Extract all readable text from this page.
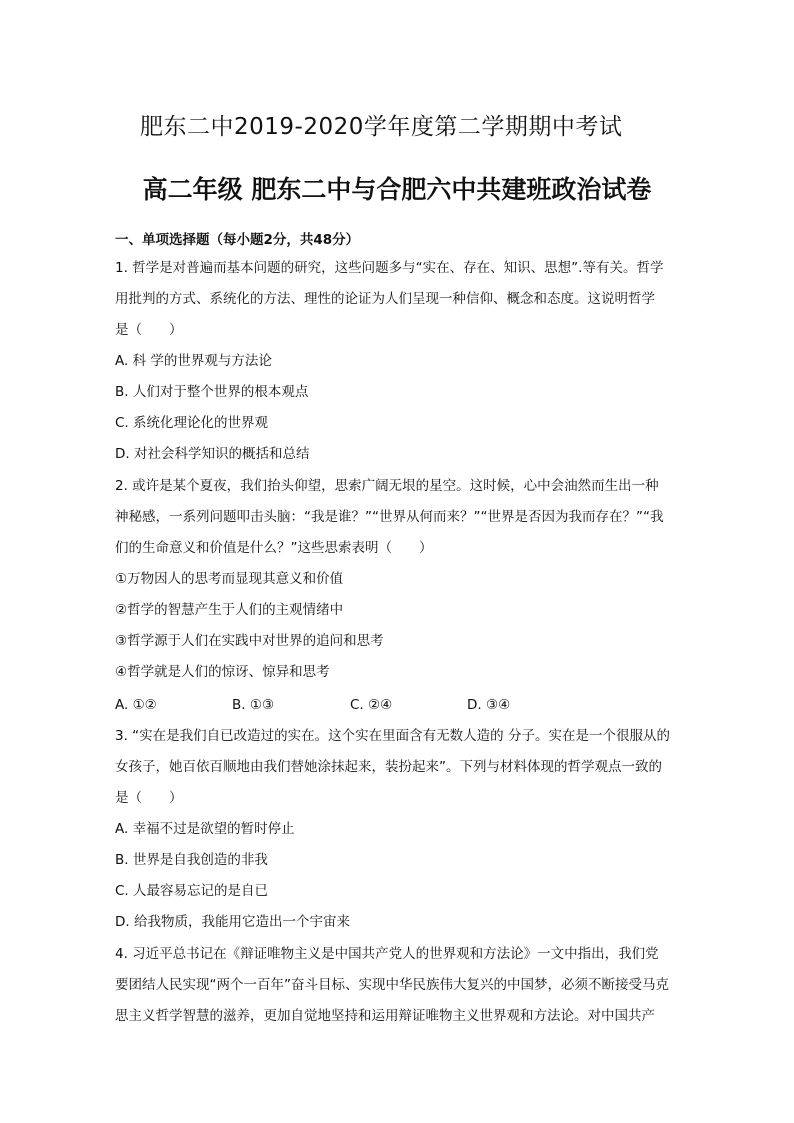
肥东二中2019-2020学年度第二学期期中考试
高二年级 肥东二中与合肥六中共建班政治试卷
一、单项选择题（每小题2分，共48分）
1. 哲学是对普遍而基本问题的研究，这些问题多与“实在、存在、知识、思想”.等有关。哲学
用批判的方式、系统化的方法、理性的论证为人们呈现一种信仰、概念和态度。这说明哲学
是（　　）
A. 科 学的世界观与方法论
B. 人们对于整个世界的根本观点
C. 系统化理论化的世界观
D. 对社会科学知识的概括和总结
2. 或许是某个夏夜，我们抬头仰望，思索广阔无垠的星空。这时候，心中会油然而生出一种
神秘感，一系列问题叩击头脑：“我是谁？”“世界从何而来？”“世界是否因为我而存在？”“我
们的生命意义和价值是什么？”这些思索表明（　　）
①万物因人的思考而显现其意义和价值
②哲学的智慧产生于人们的主观情绪中
③哲学源于人们在实践中对世界的追问和思考
④哲学就是人们的惊讶、惊异和思考
A. ①②	B. ①③	C. ②④	D. ③④
3. “实在是我们自已改造过的实在。这个实在里面含有无数人造的 分子。实在是一个很服从的
女孩子，她百依百顺地由我们替她涂抹起来，装扮起来”。下列与材料体现的哲学观点一致的
是（　　）
A. 幸福不过是欲望的暂时停止
B. 世界是自我创造的非我
C. 人最容易忘记的是自已
D. 给我物质，我能用它造出一个宇宙来
4. 习近平总书记在《辩证唯物主义是中国共产党人的世界观和方法论》一文中指出，我们党
要团结人民实现“两个一百年”奋斗目标、实现中华民族伟大复兴的中国梦，必须不断接受马克
思主义哲学智慧的滋养，更加自觉地坚持和运用辩证唯物主义世界观和方法论。对中国共产
